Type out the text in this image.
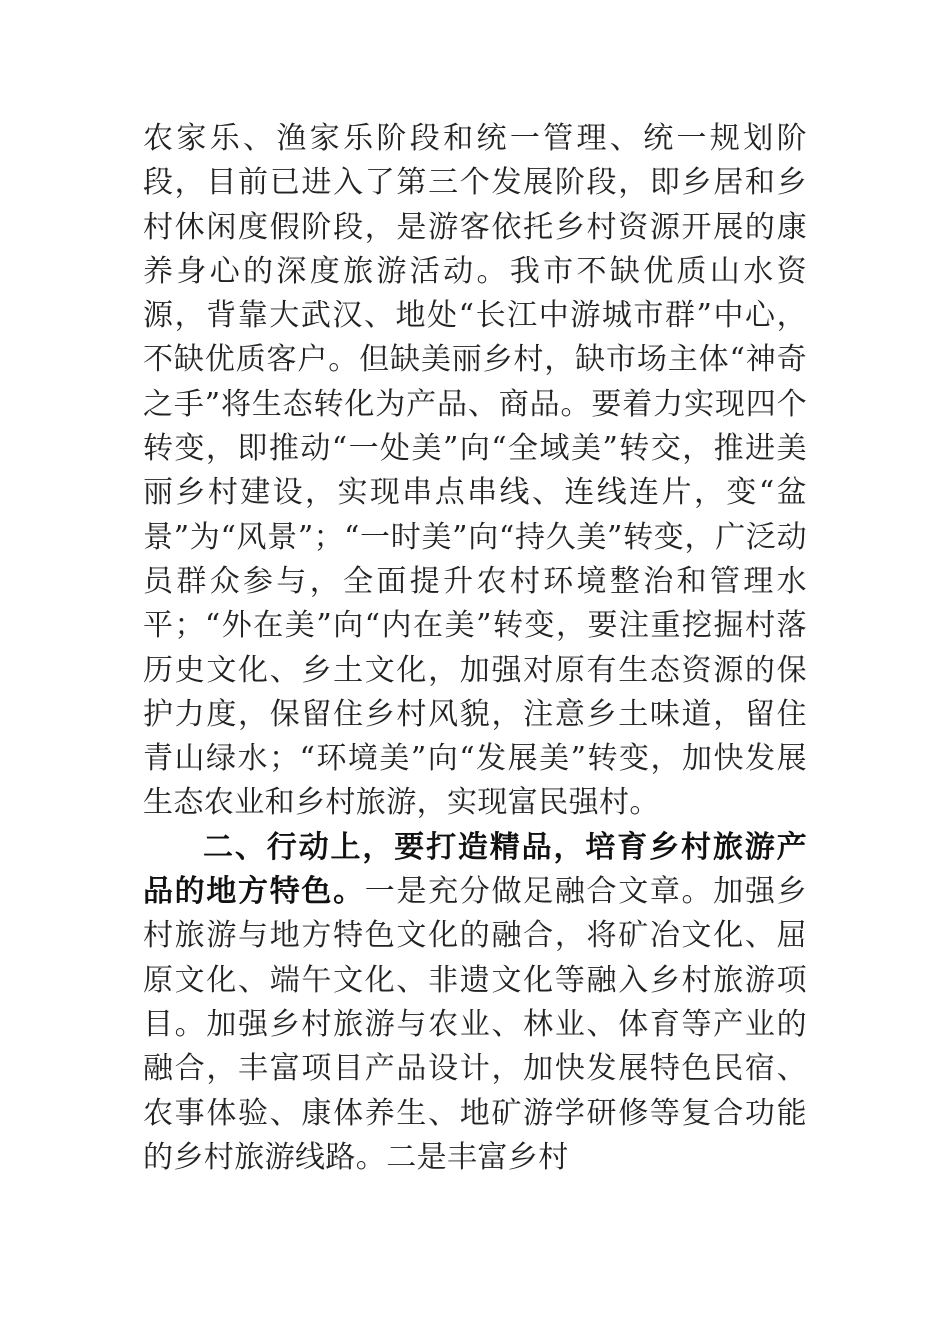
农家乐、渔家乐阶段和统一管理、统一规划阶段，目前已进入了第三个发展阶段，即乡居和乡村休闲度假阶段，是游客依托乡村资源开展的康养身心的深度旅游活动。我市不缺优质山水资源，背靠大武汉、地处“长江中游城市群”中心，不缺优质客户。但缺美丽乡村，缺市场主体“神奇之手”将生态转化为产品、商品。要着力实现四个转变，即推动“一处美”向“全域美”转交，推进美丽乡村建设，实现串点串线、连线连片，变“盆景”为“风景”；“一时美”向“持久美”转变，广泛动员群众参与，全面提升农村环境整治和管理水平；“外在美”向“内在美”转变，要注重挖掘村落历史文化、乡土文化，加强对原有生态资源的保护力度，保留住乡村风貌，注意乡土味道，留住青山绿水；“环境美”向“发展美”转变，加快发展生态农业和乡村旅游，实现富民强村。

二、行动上，要打造精品，培育乡村旅游产品的地方特色。一是充分做足融合文章。加强乡村旅游与地方特色文化的融合，将矿冶文化、屈原文化、端午文化、非遗文化等融入乡村旅游项目。加强乡村旅游与农业、林业、体育等产业的融合，丰富项目产品设计，加快发展特色民宿、农事体验、康体养生、地矿游学研修等复合功能的乡村旅游线路。二是丰富乡村
